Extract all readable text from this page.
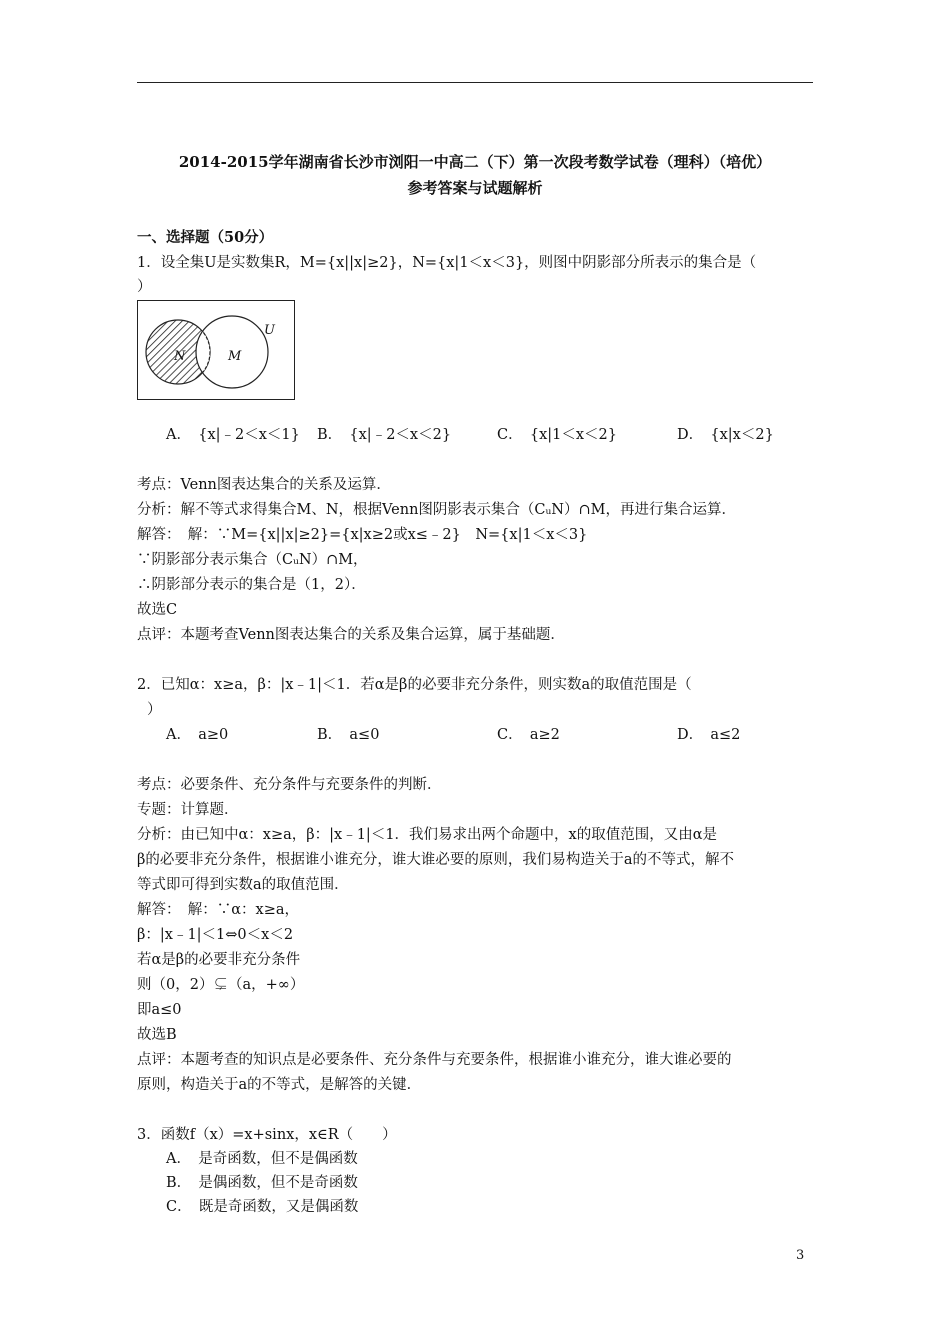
2014-2015学年湖南省长沙市浏阳一中高二（下）第一次段考数学试卷（理科）（培优）
参考答案与试题解析
一、选择题（50分）
1．设全集U是实数集R，M={x||x|≥2}，N={x|1＜x＜3}，则图中阴影部分所表示的集合是（
）
N	M
U
A．　{x|﹣2＜x＜1} B．　{x|﹣2＜x＜2}	C．　{x|1＜x＜2}	D．　{x|x＜2}
考点：Venn图表达集合的关系及运算．
分析：解不等式求得集合M、N，根据Venn图阴影表示集合（CᵤN）∩M，再进行集合运算．
解答：　解：∵M={x||x|≥2}={x|x≥2或x≤﹣2}　N={x|1＜x＜3}
∵阴影部分表示集合（CᵤN）∩M，
∴阴影部分表示的集合是（1，2）．
故选C
点评：本题考查Venn图表达集合的关系及集合运算，属于基础题．
2．已知α：x≥a，β：|x﹣1|＜1．若α是β的必要非充分条件，则实数a的取值范围是（
）
A．　a≥0	B．　a≤0	C．　a≥2	D．　a≤2
考点：必要条件、充分条件与充要条件的判断．
专题：计算题．
分析：由已知中α：x≥a，β：|x﹣1|＜1．我们易求出两个命题中，x的取值范围，又由α是
β的必要非充分条件，根据谁小谁充分，谁大谁必要的原则，我们易构造关于a的不等式，解不
等式即可得到实数a的取值范围．
解答：　解：∵α：x≥a，
β：|x﹣1|＜1⇔0＜x＜2
若α是β的必要非充分条件
则（0，2）⊊（a，+∞）
即a≤0
故选B
点评：本题考查的知识点是必要条件、充分条件与充要条件，根据谁小谁充分，谁大谁必要的
原则，构造关于a的不等式，是解答的关键．
3．函数f（x）=x+sinx，x∈R（　　）
A．　是奇函数，但不是偶函数
B．　是偶函数，但不是奇函数
C．　既是奇函数，又是偶函数
3
